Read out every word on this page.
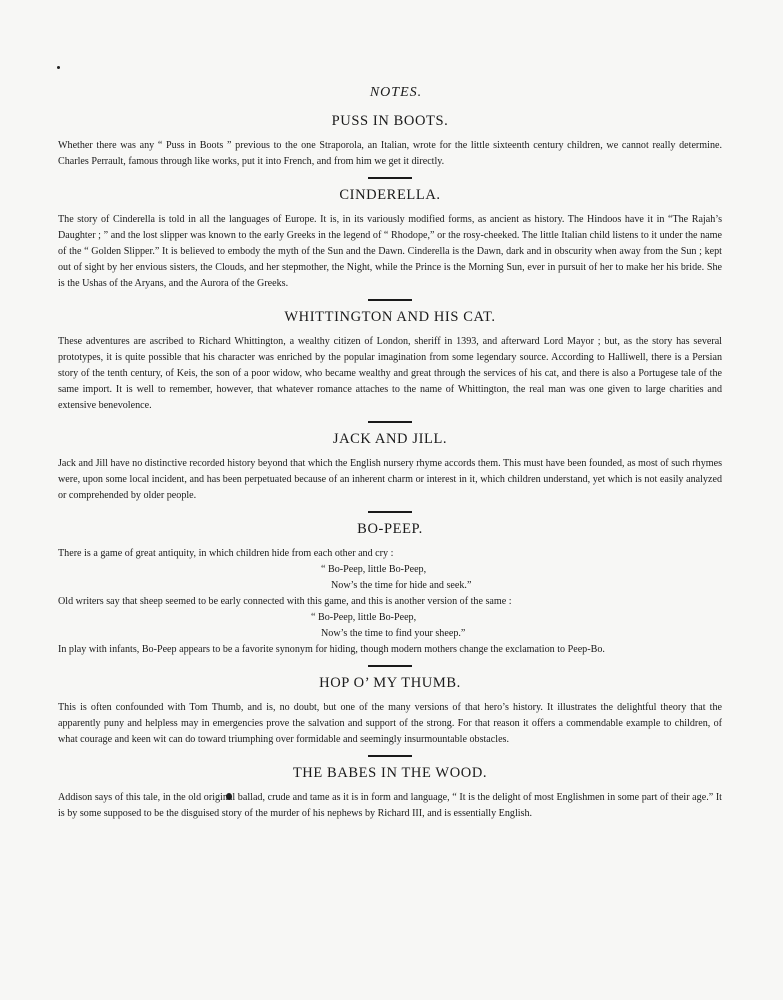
NOTES.
PUSS IN BOOTS.

Whether there was any “ Puss in Boots ” previous to the one Straporola, an Italian, wrote for the little sixteenth century children, we cannot really determine. Charles Perrault, famous through like works, put it into French, and from him we get it directly.

CINDERELLA.

The story of Cinderella is told in all the languages of Europe. It is, in its variously modified forms, as ancient as history. The Hindoos have it in “The Rajah’s Daughter ; ” and the lost slipper was known to the early Greeks in the legend of “ Rhodope,” or the rosy-cheeked. The little Italian child listens to it under the name of the “ Golden Slipper.” It is believed to embody the myth of the Sun and the Dawn. Cinderella is the Dawn, dark and in obscurity when away from the Sun ; kept out of sight by her envious sisters, the Clouds, and her stepmother, the Night, while the Prince is the Morning Sun, ever in pursuit of her to make her his bride. She is the Ushas of the Aryans, and the Aurora of the Greeks.

WHITTINGTON AND HIS CAT.

These adventures are ascribed to Richard Whittington, a wealthy citizen of London, sheriff in 1393, and afterward Lord Mayor ; but, as the story has several prototypes, it is quite possible that his character was enriched by the popular imagination from some legendary source. According to Halliwell, there is a Persian story of the tenth century, of Keis, the son of a poor widow, who became wealthy and great through the services of his cat, and there is also a Portugese tale of the same import. It is well to remember, however, that whatever romance attaches to the name of Whittington, the real man was one given to large charities and extensive benevolence.

JACK AND JILL.

Jack and Jill have no distinctive recorded history beyond that which the English nursery rhyme accords them. This must have been founded, as most of such rhymes were, upon some local incident, and has been perpetuated because of an inherent charm or interest in it, which children understand, yet which is not easily analyzed or comprehended by older people.

BO-PEEP.

There is a game of great antiquity, in which children hide from each other and cry :

“ Bo-Peep, little Bo-Peep,

Now’s the time for hide and seek.”

Old writers say that sheep seemed to be early connected with this game, and this is another version of the same :

“ Bo-Peep, little Bo-Peep,

Now’s the time to find your sheep.”

In play with infants, Bo-Peep appears to be a favorite synonym for hiding, though modern mothers change the exclamation to Peep-Bo.

HOP O’ MY THUMB.

This is often confounded with Tom Thumb, and is, no doubt, but one of the many versions of that hero’s history. It illustrates the delightful theory that the apparently puny and helpless may in emergencies prove the salvation and support of the strong. For that reason it offers a commendable example to children, of what courage and keen wit can do toward triumphing over formidable and seemingly insurmountable obstacles.

THE BABES IN THE WOOD.

Addison says of this tale, in the old original ballad, crude and tame as it is in form and language, “ It is the delight of most Englishmen in some part of their age.” It is by some supposed to be the disguised story of the murder of his nephews by Richard III, and is essentially English.
